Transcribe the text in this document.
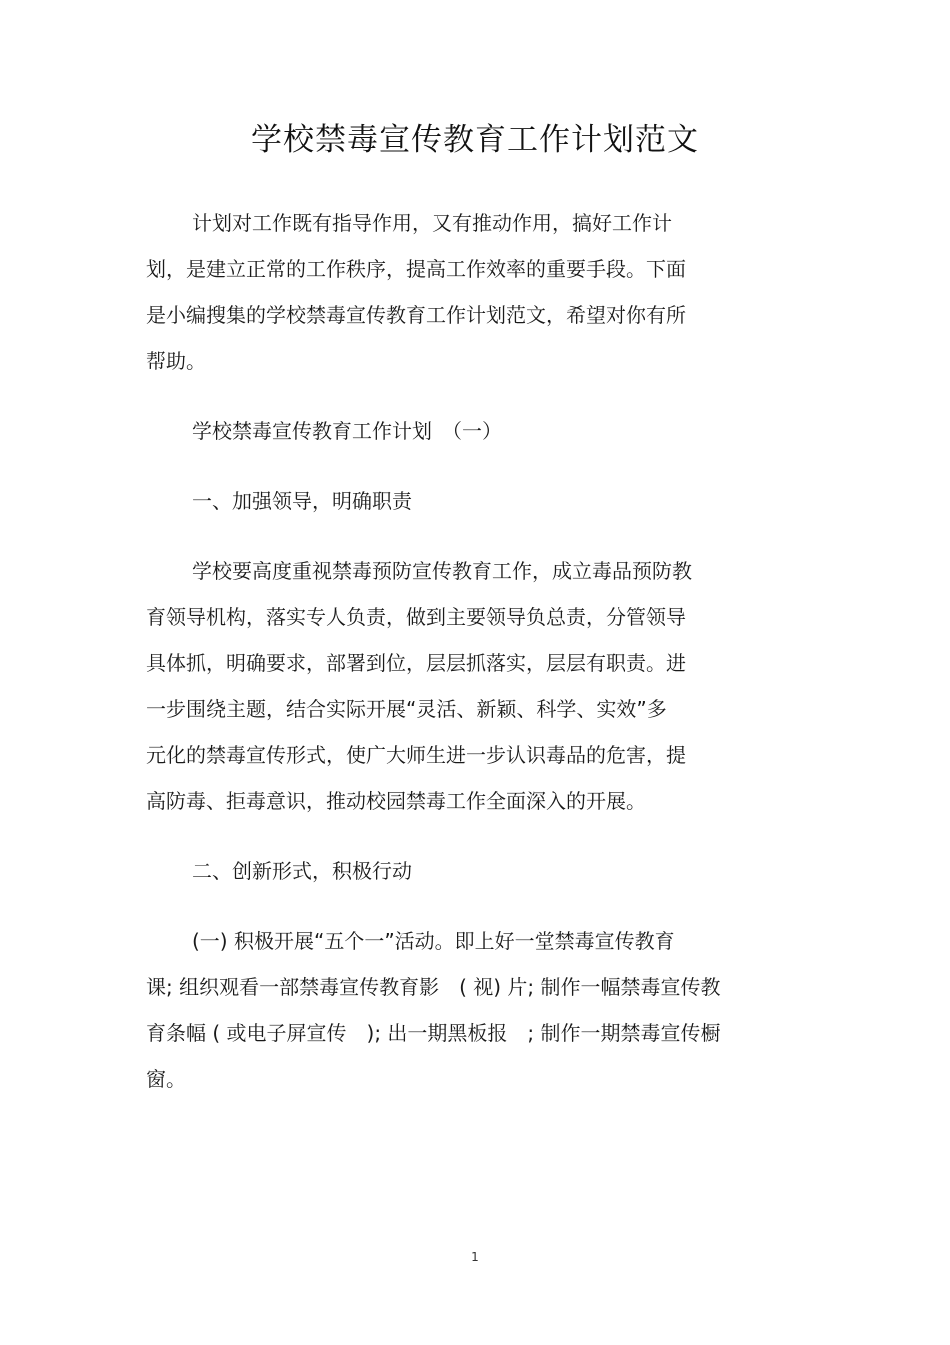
学校禁毒宣传教育工作计划范文

计划对工作既有指导作用，又有推动作用，搞好工作计
划，是建立正常的工作秩序，提高工作效率的重要手段。下面
是小编搜集的学校禁毒宣传教育工作计划范文，希望对你有所
帮助。

学校禁毒宣传教育工作计划　（一）

一、加强领导，明确职责

学校要高度重视禁毒预防宣传教育工作，成立毒品预防教
育领导机构，落实专人负责，做到主要领导负总责，分管领导
具体抓，明确要求，部署到位，层层抓落实，层层有职责。进
一步围绕主题，结合实际开展“灵活、新颖、科学、实效”多
元化的禁毒宣传形式，使广大师生进一步认识毒品的危害，提
高防毒、拒毒意识，推动校园禁毒工作全面深入的开展。

二、创新形式，积极行动

(一) 积极开展“五个一”活动。即上好一堂禁毒宣传教育
课; 组织观看一部禁毒宣传教育影　( 视) 片; 制作一幅禁毒宣传教
育条幅 ( 或电子屏宣传　); 出一期黑板报　; 制作一期禁毒宣传橱
窗。

1
